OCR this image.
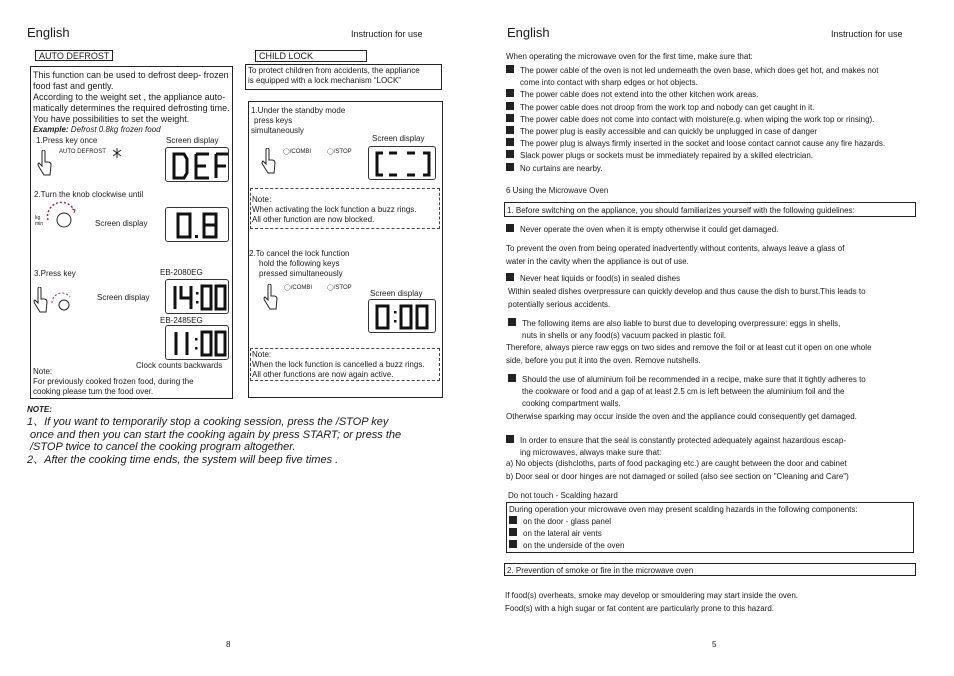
English	Instruction for use
AUTO DEFROST
This function can be used to defrost deep- frozen
food fast and gently.
According to the weight set , the appliance auto-
matically determines the required defrosting time.
You have possibilities to set the weight.
Example: Defrost 0.8kg frozen food
1.Press key once	Screen display
AUTO DEFROST
2.Turn the knob clockwise until
kg
min	Screen display
3.Press key	EB-2080EG
Screen display
EB-2485EG
Clock counts backwards
Note:
For previously cooked frozen food, during the
cooking please turn the food over.
CHILD LOCK
To protect children from accidents, the appliance
is equipped with a lock mechanism “LOCK”
1.Under the standby mode
press keys
simultaneously
Screen display
◯/COMBI	◯/STOP
Note：
When activating the lock function a buzz rings.
All other function are now blocked.
2.To cancel the lock function
hold the following keys
pressed simultaneously
◯/COMBI ◯/STOP
Screen display
Note:
When the lock function is cancelled a buzz rings.
All other functions are now again active.
NOTE:
1、If you want to temporarily stop a cooking session, press the /STOP key
once and then you can start the cooking again by press START; or press the
/STOP twice to cancel the cooking program altogether.
2、After the cooking time ends, the system will beep five times .
8
English	Instruction for use
When operating the microwave oven for the first time, make sure that:
The power cable of the oven is not led underneath the oven base, which does get hot, and makes not
come into contact with sharp edges or hot objects.
The power cable does not extend into the other kitchen work areas.
The power cable does not droop from the work top and nobody can get caught in it.
The power cable does not come into contact with moisture(e.g. when wiping the work top or rinsing).
The power plug is easily accessible and can quickly be unplugged in case of danger
The power plug is always firmly inserted in the socket and loose contact cannot cause any fire hazards.
Slack power plugs or sockets must be immediately repaired by a skilled electrician.
No curtains are nearby.
6 Using the Microwave Oven
1. Before switching on the appliance, you should familiarizes yourself with the following guidelines:
Never operate the oven when it is empty otherwise it could get damaged.
To prevent the oven from being operated inadvertently without contents, always leave a glass of
water in the cavity when the appliance is out of use.
Never heat liquids or food(s) in sealed dishes
Within sealed dishes overpressure can quickly develop and thus cause the dish to burst.This leads to
potentially serious accidents.
The following items are also liable to burst due to developing overpressure: eggs in shells,
nuts in shells or any food(s) vacuum packed in plastic foil.
Therefore, always pierce raw eggs on two sides and remove the foil or at least cut it open on one whole
side, before you put it into the oven. Remove nutshells.
Should the use of aluminium foil be recommended in a recipe, make sure that it tightly adheres to
the cookware or food and a gap of at least 2.5 cm is left between the aluminium foil and the
cooking compartment walls.
Otherwise sparking may occur inside the oven and the appliance could consequently get damaged.
In order to ensure that the seal is constantly protected adequately against hazardous escap-
ing microwaves, always make sure that:
a) No objects (dishcloths, parts of food packaging etc.) are caught between the door and cabinet
b) Door seal or door hinges are not damaged or soiled (also see section on "Cleaning and Care")
Do not touch - Scalding hazard
During operation your microwave oven may present scalding hazards in the following components:
on the door - glass panel
on the lateral air vents
on the underside of the oven
2. Prevention of smoke or fire in the microwave oven
If food(s) overheats, smoke may develop or smouldering may start inside the oven.
Food(s) with a high sugar or fat content are particularly prone to this hazard.
5
